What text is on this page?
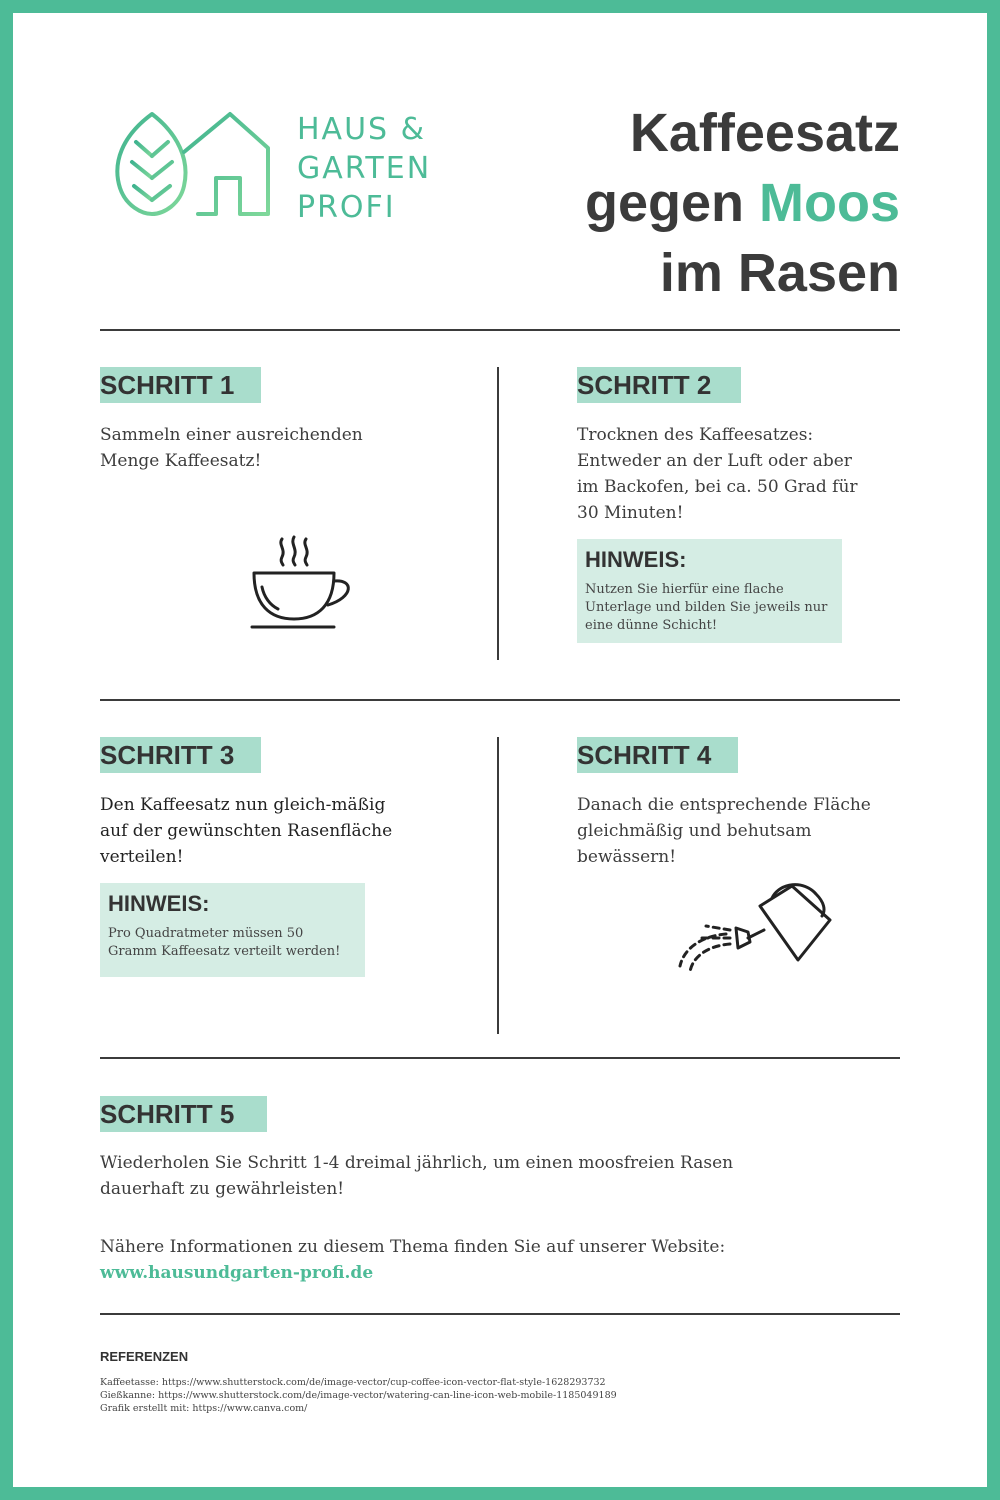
HAUS &
GARTEN
PROFI
Kaffeesatz
gegen Moos
im Rasen
SCHRITT 1
Sammeln einer ausreichenden
Menge Kaffeesatz!
SCHRITT 2
Trocknen des Kaffeesatzes:
Entweder an der Luft oder aber
im Backofen, bei ca. 50 Grad für
30 Minuten!
HINWEIS:
Nutzen Sie hierfür eine flache
Unterlage und bilden Sie jeweils nur
eine dünne Schicht!
SCHRITT 3
Den Kaffeesatz nun gleich-mäßig
auf der gewünschten Rasenfläche
verteilen!
HINWEIS:
Pro Quadratmeter müssen 50
Gramm Kaffeesatz verteilt werden!
SCHRITT 4
Danach die entsprechende Fläche
gleichmäßig und behutsam
bewässern!
SCHRITT 5
Wiederholen Sie Schritt 1-4 dreimal jährlich, um einen moosfreien Rasen
dauerhaft zu gewährleisten!
Nähere Informationen zu diesem Thema finden Sie auf unserer Website:
www.hausundgarten-profi.de
REFERENZEN
Kaffeetasse: https://www.shutterstock.com/de/image-vector/cup-coffee-icon-vector-flat-style-1628293732
Gießkanne: https://www.shutterstock.com/de/image-vector/watering-can-line-icon-web-mobile-1185049189
Grafik erstellt mit: https://www.canva.com/
